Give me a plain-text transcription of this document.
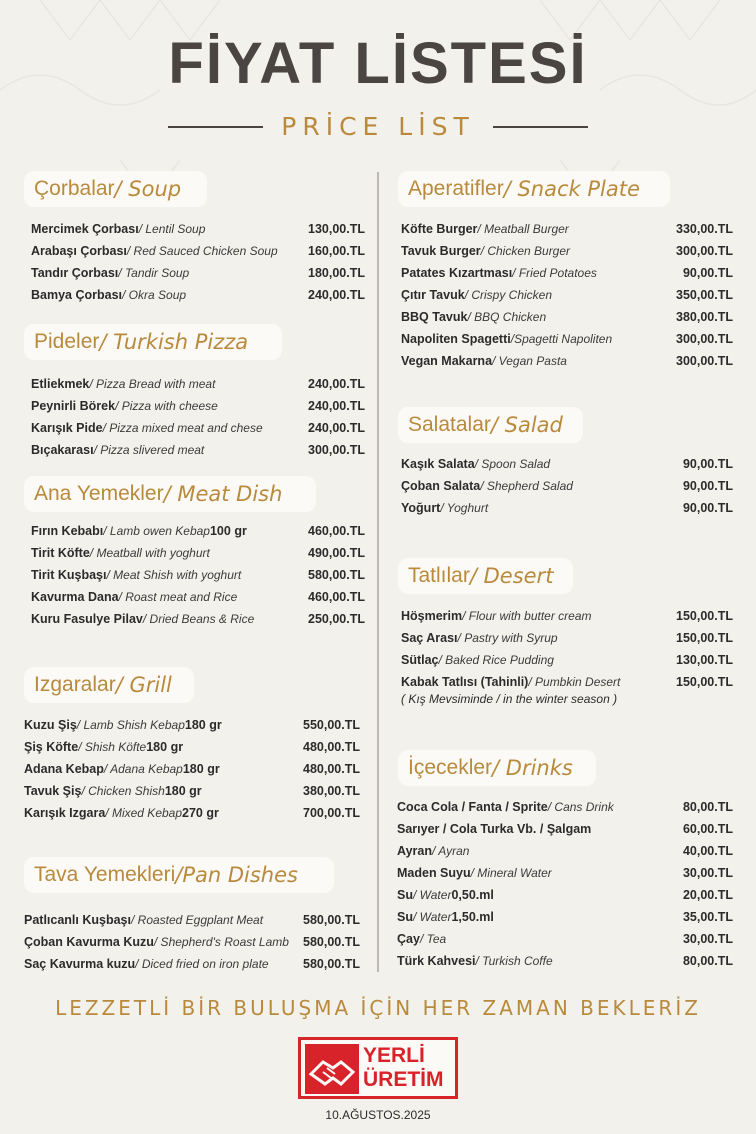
FİYAT LİSTESİ
PRİCE LİST
Çorbalar / Soup
Mercimek Çorbası / Lentil Soup	130,00.TL
Arabaşı Çorbası / Red Sauced Chicken Soup	160,00.TL
Tandır Çorbası / Tandir Soup	180,00.TL
Bamya Çorbası / Okra Soup	240,00.TL
Pideler / Turkish Pizza
Etliekmek / Pizza Bread with meat	240,00.TL
Peynirli Börek / Pizza with cheese	240,00.TL
Karışık Pide / Pizza mixed meat and chese	240,00.TL
Bıçakarası / Pizza slivered meat	300,00.TL
Ana Yemekler / Meat Dish
Fırın Kebabı / Lamb owen Kebap 100 gr	460,00.TL
Tirit Köfte / Meatball with yoghurt	490,00.TL
Tirit Kuşbaşı / Meat Shish with yoghurt	580,00.TL
Kavurma Dana / Roast meat and Rice	460,00.TL
Kuru Fasulye Pilav / Dried Beans & Rice	250,00.TL
Izgaralar / Grill
Kuzu Şiş / Lamb Shish Kebap 180 gr	550,00.TL
Şiş Köfte / Shish Köfte 180 gr	480,00.TL
Adana Kebap / Adana Kebap 180 gr	480,00.TL
Tavuk Şiş / Chicken Shish 180 gr	380,00.TL
Karışık Izgara / Mixed Kebap 270 gr	700,00.TL
Tava Yemekleri /Pan Dishes
Patlıcanlı Kuşbaşı / Roasted Eggplant Meat	580,00.TL
Çoban Kavurma Kuzu / Shepherd's Roast Lamb	580,00.TL
Saç Kavurma kuzu / Diced fried on iron plate	580,00.TL
Aperatifler / Snack Plate
Köfte Burger / Meatball Burger	330,00.TL
Tavuk Burger / Chicken Burger	300,00.TL
Patates Kızartması / Fried Potatoes	90,00.TL
Çıtır Tavuk / Crispy Chicken	350,00.TL
BBQ Tavuk / BBQ Chicken	380,00.TL
Napoliten Spagetti /Spagetti Napoliten	300,00.TL
Vegan Makarna / Vegan Pasta	300,00.TL
Salatalar / Salad
Kaşık Salata / Spoon Salad	90,00.TL
Çoban Salata / Shepherd Salad	90,00.TL
Yoğurt / Yoghurt	90,00.TL
Tatlılar / Desert
Höşmerim / Flour with butter cream	150,00.TL
Saç Arası / Pastry with Syrup	150,00.TL
Sütlaç / Baked Rice Pudding	130,00.TL
Kabak Tatlısı (Tahinli) / Pumbkin Desert	150,00.TL
( Kış Mevsiminde / in the winter season )
İçecekler / Drinks
Coca Cola / Fanta / Sprite / Cans Drink	80,00.TL
Sarıyer / Cola Turka Vb. / Şalgam	60,00.TL
Ayran / Ayran	40,00.TL
Maden Suyu / Mineral Water	30,00.TL
Su / Water 0,50.ml	20,00.TL
Su / Water 1,50.ml	35,00.TL
Çay / Tea	30,00.TL
Türk Kahvesi / Turkish Coffe	80,00.TL
LEZZETLİ BİR BULUŞMA İÇİN HER ZAMAN BEKLERİZ
YERLİ
ÜRETİM
10.AĞUSTOS.2025
